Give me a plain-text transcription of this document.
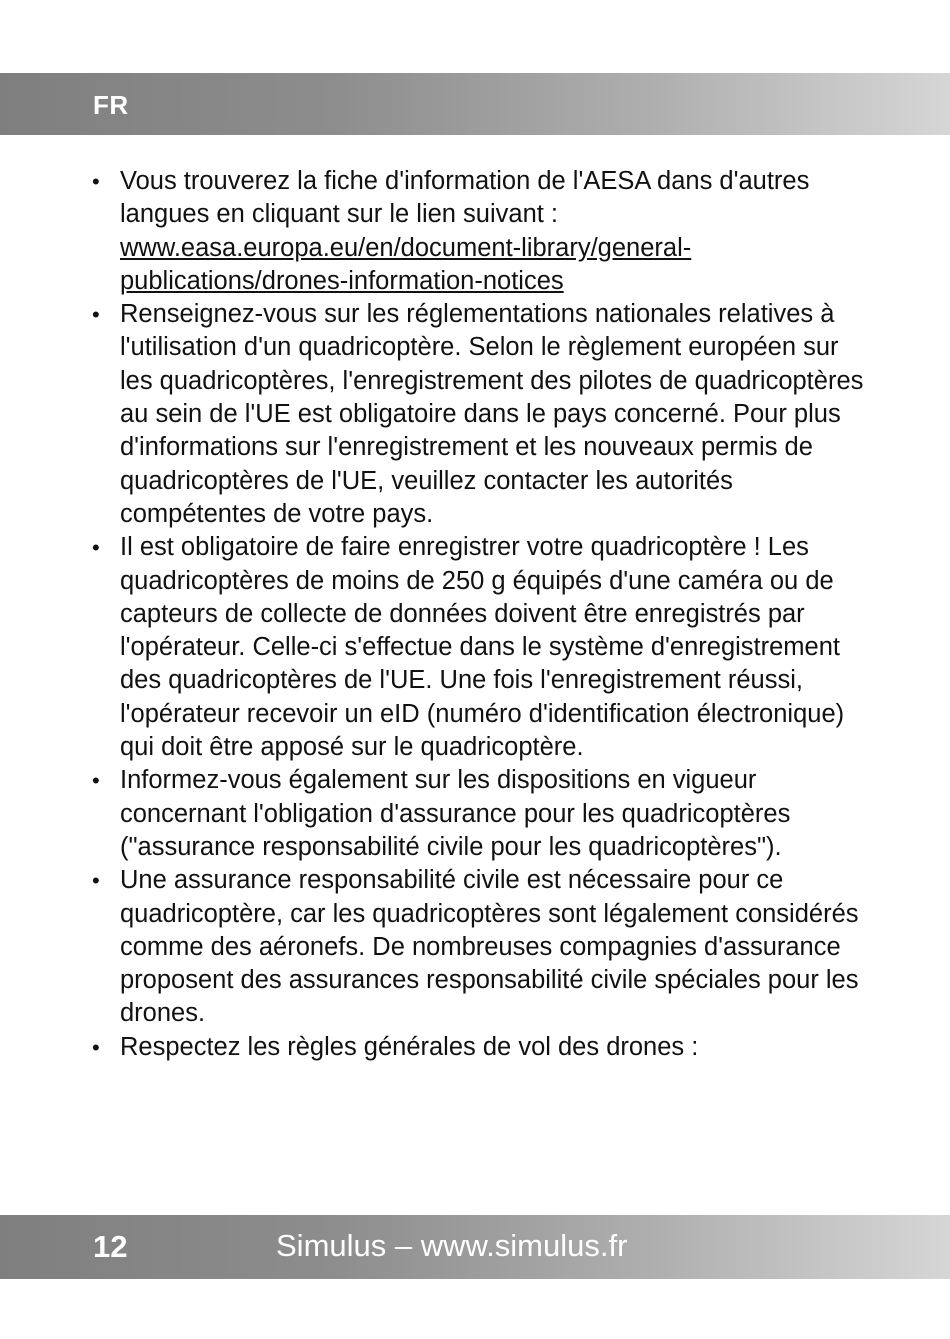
FR
• Vous trouverez la fiche d'information de l'AESA dans d'autres langues en cliquant sur le lien suivant : www.easa.europa.eu/en/document-library/general-publications/drones-information-notices
• Renseignez-vous sur les réglementations nationales relatives à l'utilisation d'un quadricoptère. Selon le règlement européen sur les quadricoptères, l'enregistrement des pilotes de quadricoptères au sein de l'UE est obligatoire dans le pays concerné. Pour plus d'informations sur l'enregistrement et les nouveaux permis de quadricoptères de l'UE, veuillez contacter les autorités compétentes de votre pays.
• Il est obligatoire de faire enregistrer votre quadricoptère ! Les quadricoptères de moins de 250 g équipés d'une caméra ou de capteurs de collecte de données doivent être enregistrés par l'opérateur. Celle-ci s'effectue dans le système d'enregistrement des quadricoptères de l'UE. Une fois l'enregistrement réussi, l'opérateur recevoir un eID (numéro d'identification électronique) qui doit être apposé sur le quadricoptère.
• Informez-vous également sur les dispositions en vigueur concernant l'obligation d'assurance pour les quadricoptères ("assurance responsabilité civile pour les quadricoptères").
• Une assurance responsabilité civile est nécessaire pour ce quadricoptère, car les quadricoptères sont légalement considérés comme des aéronefs. De nombreuses compagnies d'assurance proposent des assurances responsabilité civile spéciales pour les drones.
• Respectez les règles générales de vol des drones :
12	Simulus – www.simulus.fr
